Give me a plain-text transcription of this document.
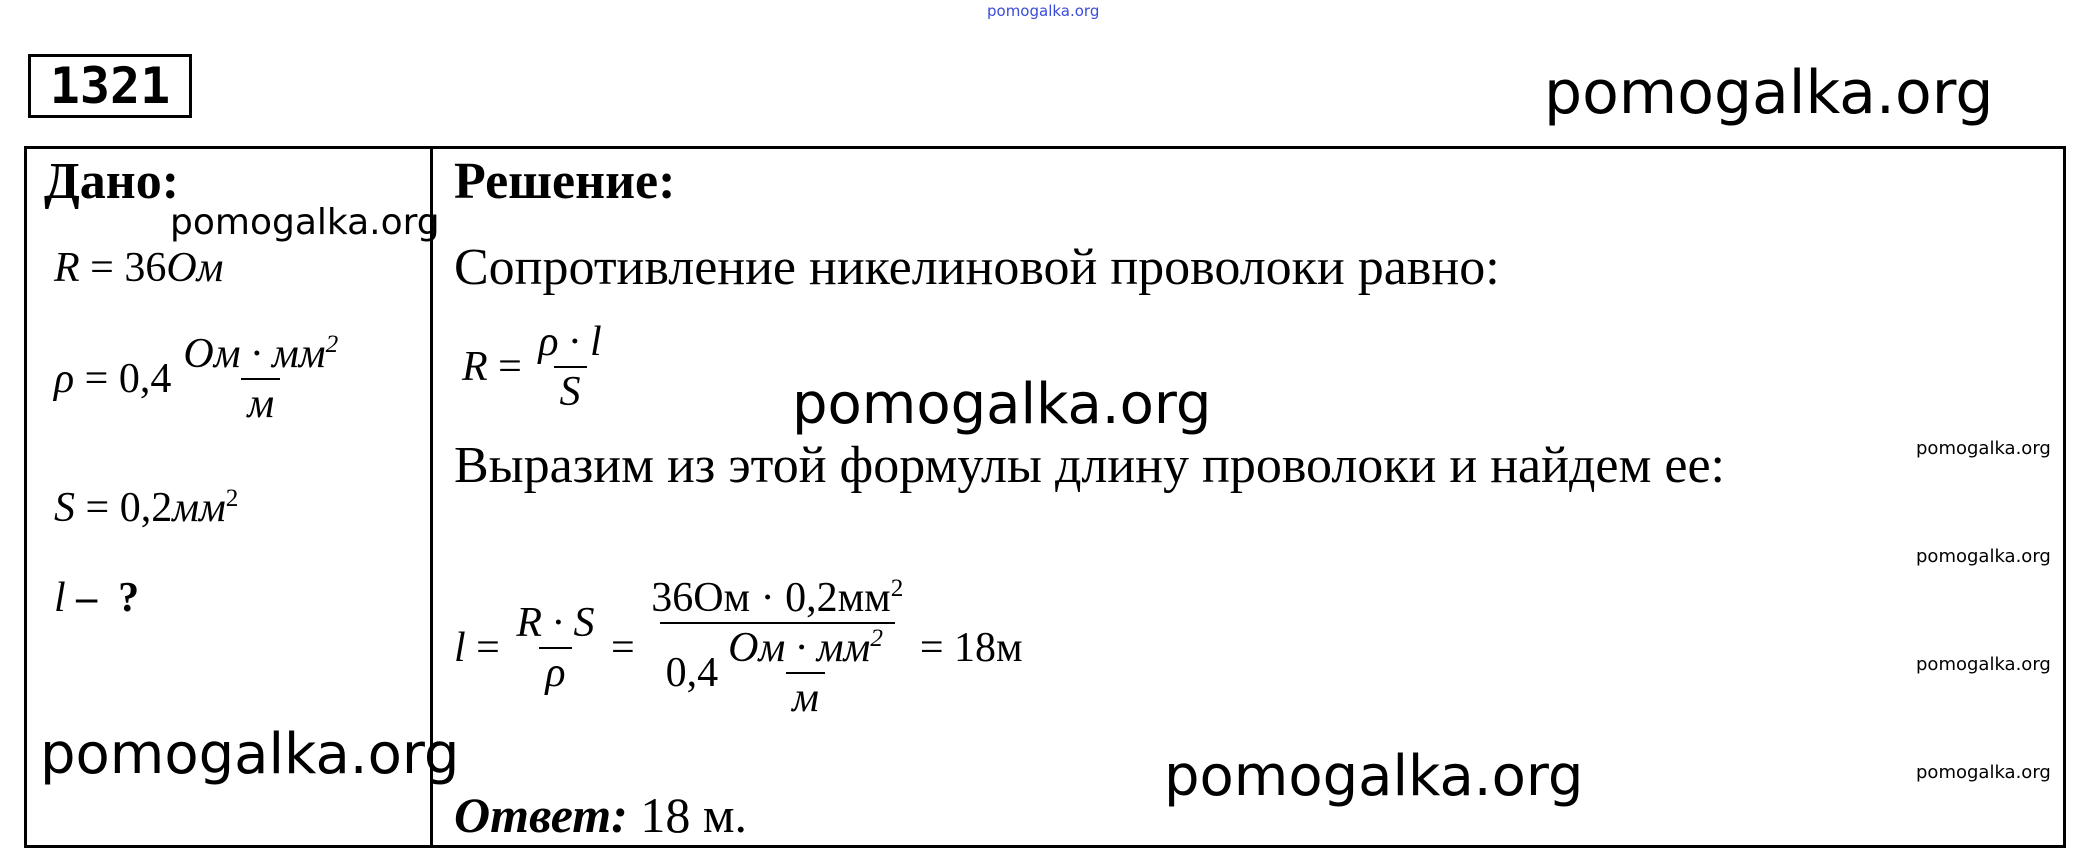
pomogalka.org
pomogalka.org
1321
Дано:
R = 36Ом
$\rho = 0,4 \frac{Ом \cdot мм^2}{м}$
$S = 0,2мм^2$
l – ?
Решение:
Сопротивление никелиновой проволоки равно:
$R = \frac{\rho \cdot l}{S}$
Выразим из этой формулы длину проволоки и найдем ее:
$l = \frac{R \cdot S}{\rho} = \frac{36Ом \cdot 0,2мм^2}{0,4 \frac{Ом \cdot мм^2}{м}} = 18м$
Ответ: 18 м.
pomogalka.org
pomogalka.org
pomogalka.org	pomogalka.org
pomogalka.org
pomogalka.org
pomogalka.org
pomogalka.org
